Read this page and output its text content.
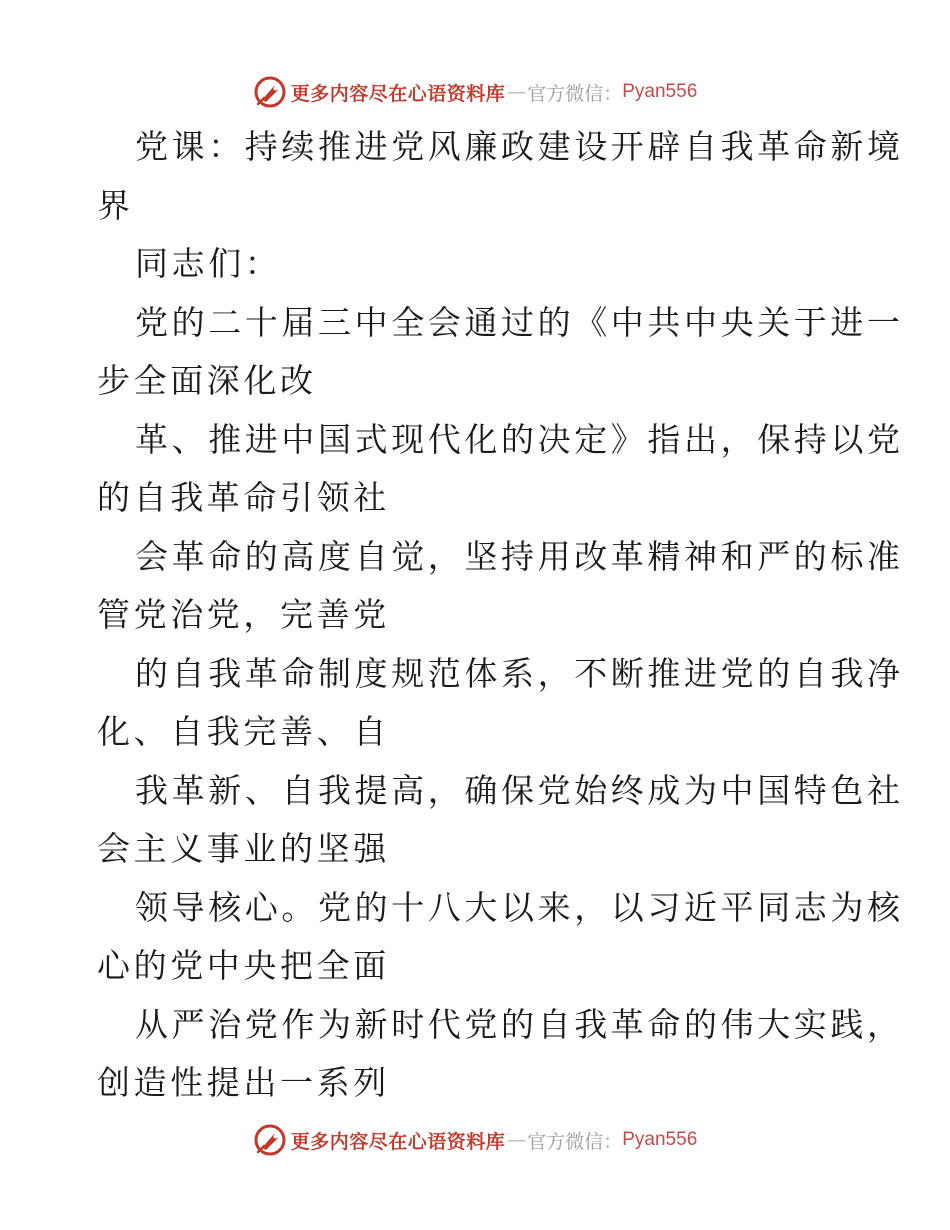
更多内容尽在心语资料库 — 官方微信： Pyan556
党课：持续推进党风廉政建设开辟自我革命新境
界
同志们：
党的二十届三中全会通过的《中共中央关于进一
步全面深化改
革、推进中国式现代化的决定》指出，保持以党
的自我革命引领社
会革命的高度自觉，坚持用改革精神和严的标准
管党治党，完善党
的自我革命制度规范体系，不断推进党的自我净
化、自我完善、自
我革新、自我提高，确保党始终成为中国特色社
会主义事业的坚强
领导核心。党的十八大以来，以习近平同志为核
心的党中央把全面
从严治党作为新时代党的自我革命的伟大实践，
创造性提出一系列
更多内容尽在心语资料库 — 官方微信： Pyan556
